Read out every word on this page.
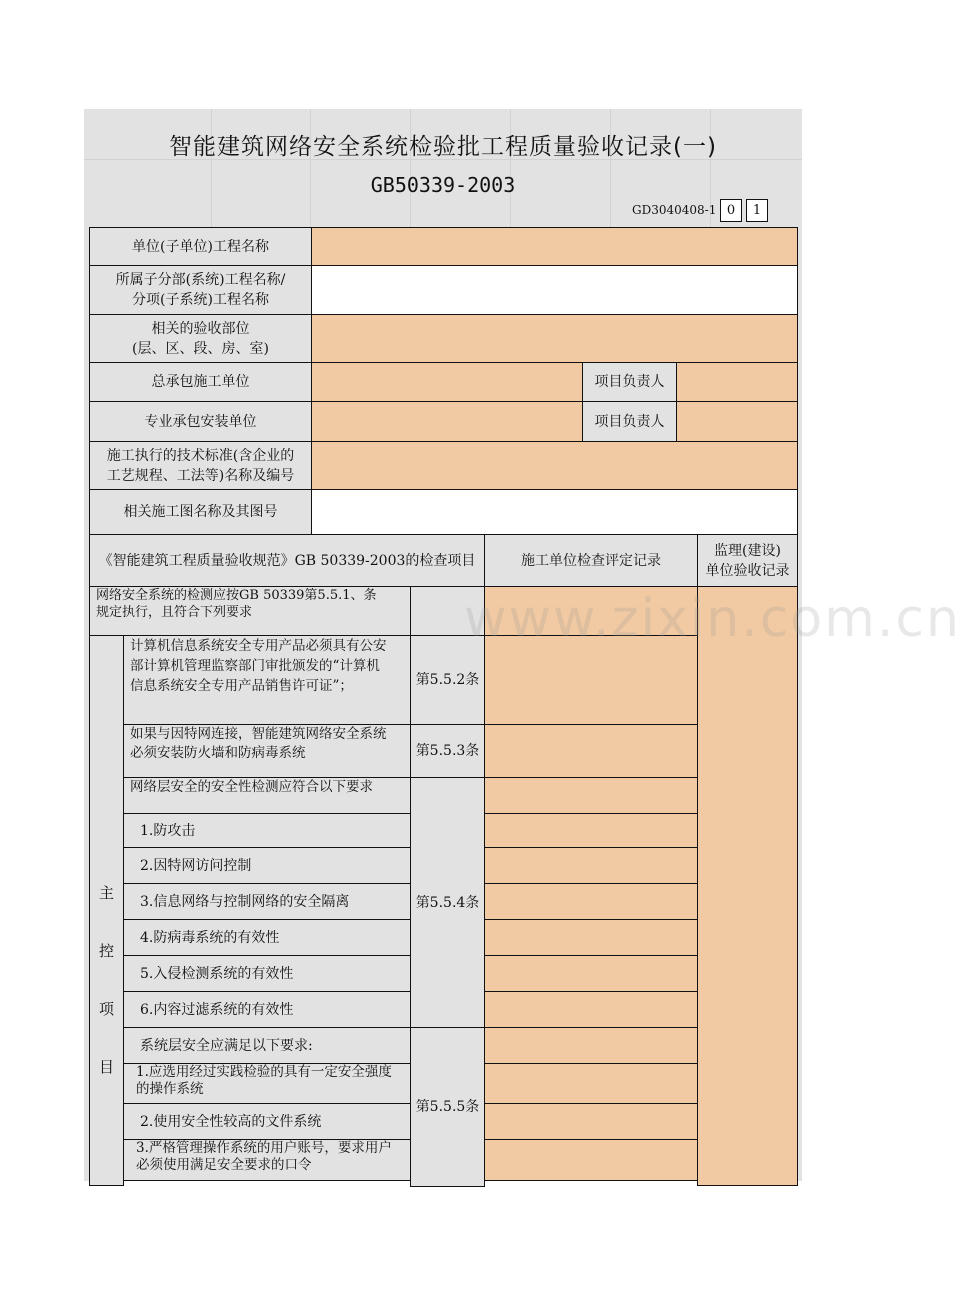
智能建筑网络安全系统检验批工程质量验收记录(一)
GB50339-2003
GD3040408-1 0	1
单位(子单位)工程名称
所属子分部(系统)工程名称/
分项(子系统)工程名称
相关的验收部位
(层、区、段、房、室)
总承包施工单位	项目负责人
专业承包安装单位	项目负责人
施工执行的技术标准(含企业的
工艺规程、工法等)名称及编号
相关施工图名称及其图号
《智能建筑工程质量验收规范》GB 50339-2003的检查项目	施工单位检查评定记录
监理(建设)
单位验收记录
网络安全系统的检测应按GB 50339第5.5.1、条
规定执行，且符合下列要求
主
控
项
目
计算机信息系统安全专用产品必须具有公安
部计算机管理监察部门审批颁发的“计算机
信息系统安全专用产品销售许可证”；	第5.5.2条
如果与因特网连接，智能建筑网络安全系统
必须安装防火墙和防病毒系统	第5.5.3条
网络层安全的安全性检测应符合以下要求
1.防攻击
2.因特网访问控制
3.信息网络与控制网络的安全隔离
4.防病毒系统的有效性
5.入侵检测系统的有效性
6.内容过滤系统的有效性
第5.5.4条
系统层安全应满足以下要求:
1.应选用经过实践检验的具有一定安全强度
的操作系统
2.使用安全性较高的文件系统
3.严格管理操作系统的用户账号，要求用户
必须使用满足安全要求的口令
第5.5.5条
www.zixin.com.cn
